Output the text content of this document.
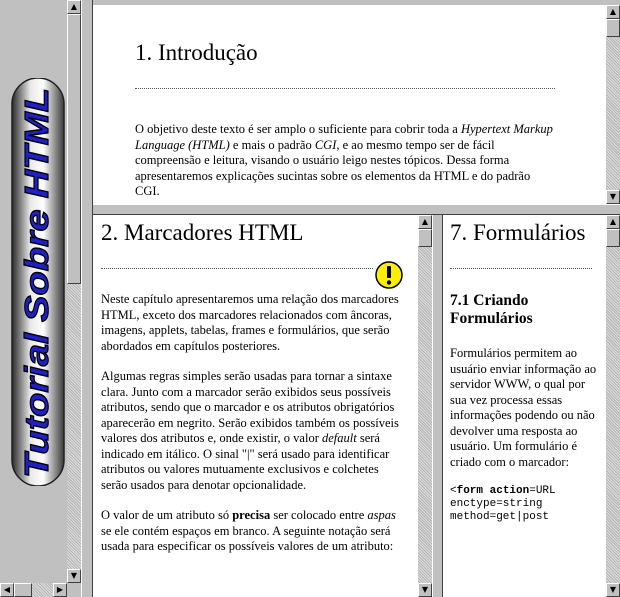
Tutorial Sobre HTML
▲
▼
◀	▶
1. Introdução

O objetivo deste texto é ser amplo o suficiente para cobrir toda a Hypertext Markup Language (HTML) e mais o padrão CGI, e ao mesmo tempo ser de fácil compreensão e leitura, visando o usuário leigo nestes tópicos. Dessa forma apresentaremos explicações sucintas sobre os elementos da HTML e do padrão CGI.

▲
▼
2. Marcadores HTML

Neste capítulo apresentaremos uma relação dos marcadores HTML, exceto dos marcadores relacionados com âncoras, imagens, applets, tabelas, frames e formulários, que serão abordados em capítulos posteriores.

Algumas regras simples serão usadas para tornar a sintaxe clara. Junto com a marcador serão exibidos seus possíveis atributos, sendo que o marcador e os atributos obrigatórios aparecerão em negrito. Serão exibidos também os possíveis valores dos atributos e, onde existir, o valor default será indicado em itálico. O sinal "|" será usado para identificar atributos ou valores mutuamente exclusivos e colchetes serão usados para denotar opcionalidade.

O valor de um atributo só precisa ser colocado entre aspas se ele contém espaços em branco. A seguinte notação será usada para especificar os possíveis valores de um atributo:

▲
▼
7. Formulários
7.1 Criando Formulários

Formulários permitem ao usuário enviar informação ao servidor WWW, o qual por sua vez processa essas informações podendo ou não devolver uma resposta ao usuário. Um formulário é criado com o marcador:

<form action=URL
enctype=string
method=get|post
▲
▼
